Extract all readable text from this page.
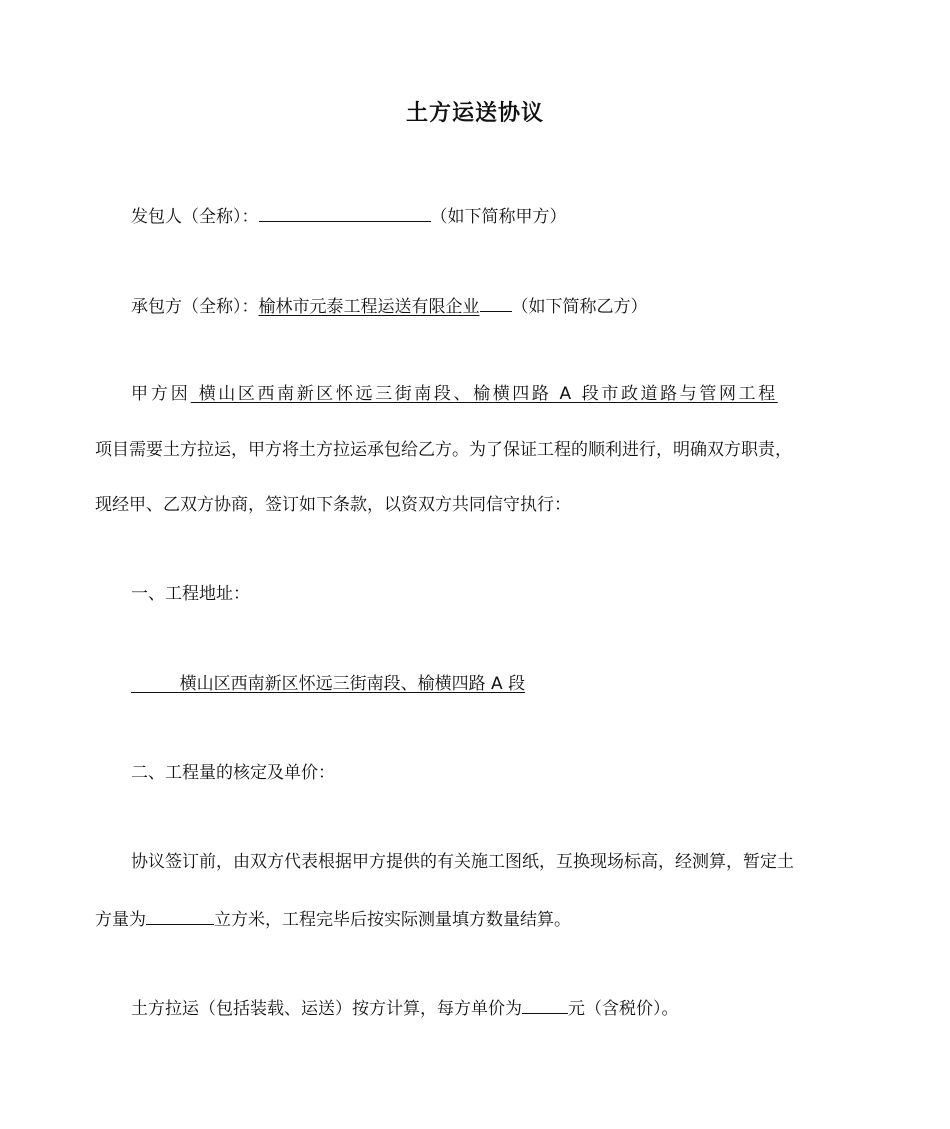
土方运送协议
发包人（全称）：	（如下简称甲方）
承包方（全称）：榆林市元泰工程运送有限企业 （如下简称乙方）
甲方因 横山区西南新区怀远三街南段、榆横四路 A 段市政道路与管网工程
项目需要土方拉运，甲方将土方拉运承包给乙方。为了保证工程的顺利进行，明确双方职责，
现经甲、乙双方协商，签订如下条款，以资双方共同信守执行：
一、工程地址：
横山区西南新区怀远三街南段、榆横四路 A 段
二、工程量的核定及单价：
协议签订前，由双方代表根据甲方提供的有关施工图纸，互换现场标高，经测算，暂定土
方量为	立方米，工程完毕后按实际测量填方数量结算。
土方拉运（包括装载、运送）按方计算，每方单价为	元（含税价）。
